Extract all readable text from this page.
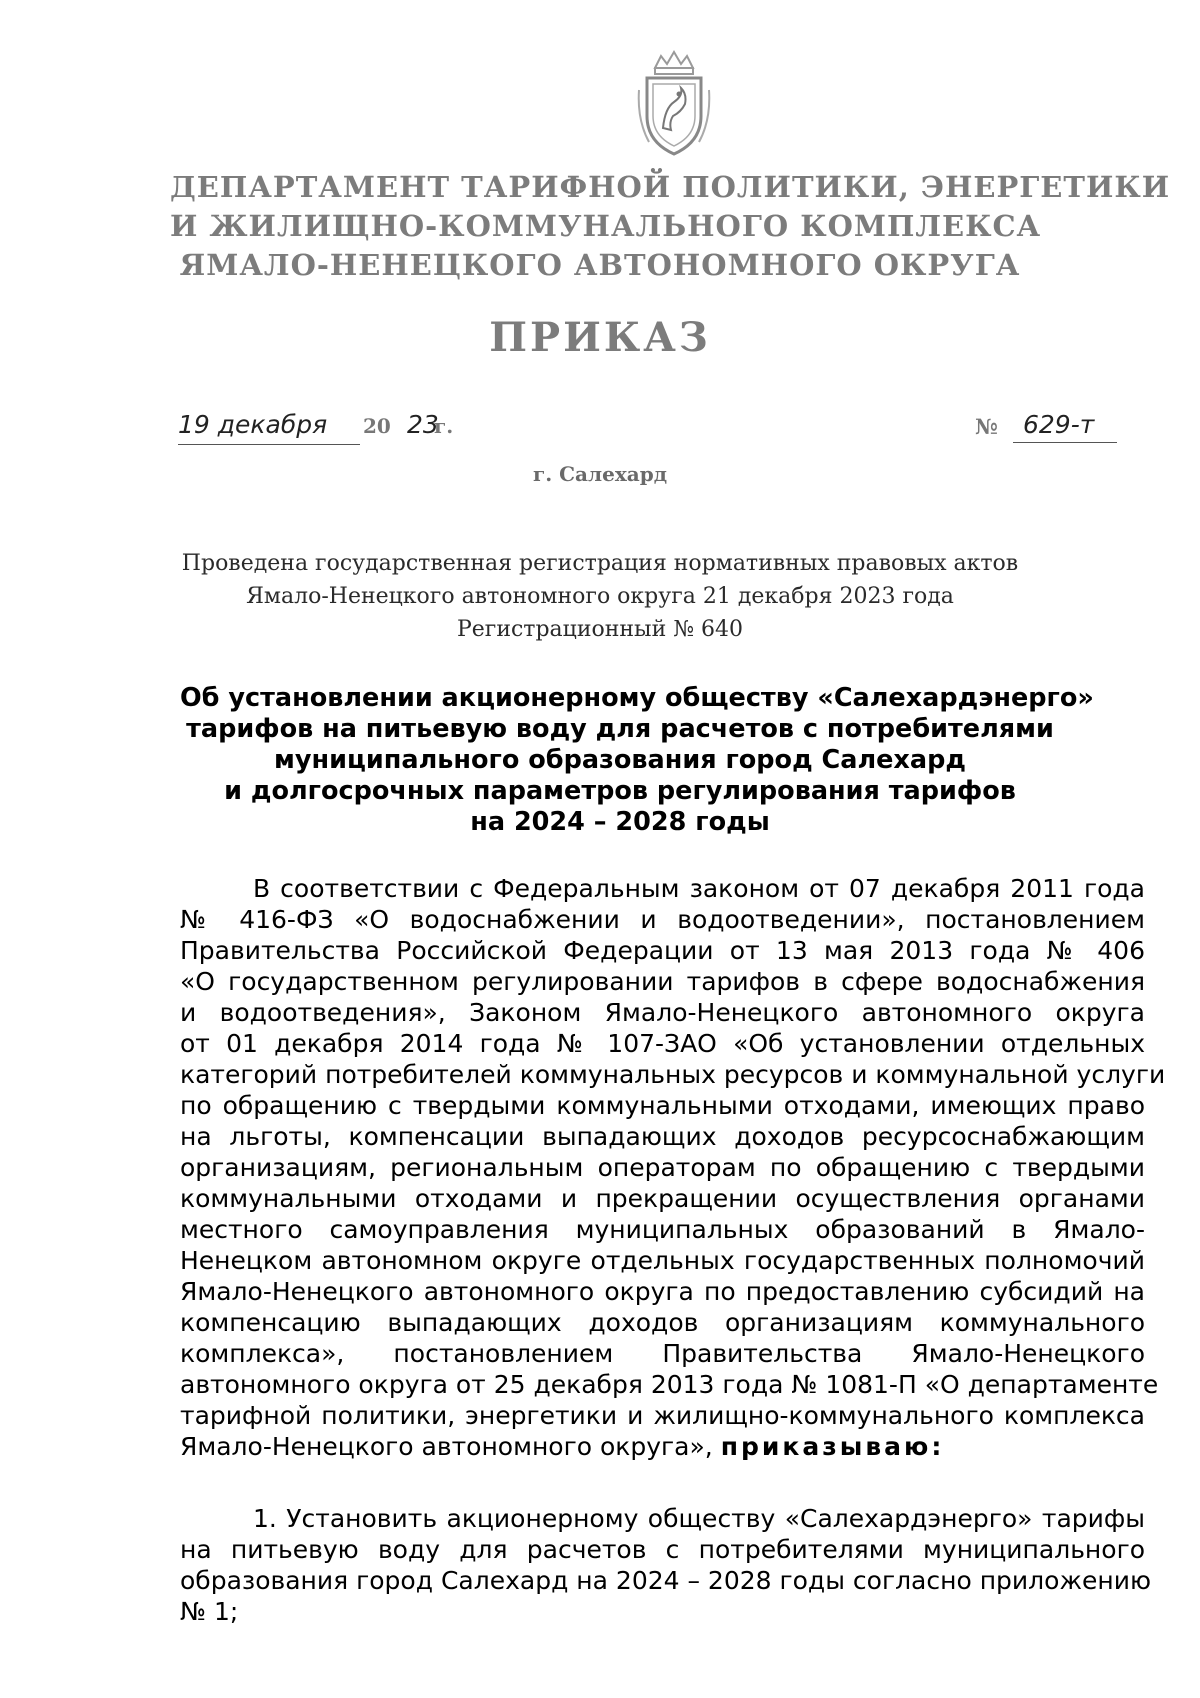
ДЕПАРТАМЕНТ ТАРИФНОЙ ПОЛИТИКИ, ЭНЕРГЕТИКИ
И ЖИЛИЩНО-КОММУНАЛЬНОГО КОМПЛЕКСА
ЯМАЛО-НЕНЕЦКОГО АВТОНОМНОГО ОКРУГА
ПРИКАЗ
19 декабря 20 23
г.	№ 629-т
г. Салехард
Проведена государственная регистрация нормативных правовых актов
Ямало-Ненецкого автономного округа 21 декабря 2023 года
Регистрационный № 640
Об установлении акционерному обществу «Салехардэнерго»
тарифов на питьевую воду для расчетов с потребителями
муниципального образования город Салехард
и долгосрочных параметров регулирования тарифов
на 2024 – 2028 годы
В соответствии с Федеральным законом от 07 декабря 2011 года
№ 416-ФЗ «О водоснабжении и водоотведении», постановлением
Правительства Российской Федерации от 13 мая 2013 года № 406
«О государственном регулировании тарифов в сфере водоснабжения
и водоотведения», Законом Ямало-Ненецкого автономного округа
от 01 декабря 2014 года № 107-ЗАО «Об установлении отдельных
категорий потребителей коммунальных ресурсов и коммунальной услуги
по обращению с твердыми коммунальными отходами, имеющих право
на льготы, компенсации выпадающих доходов ресурсоснабжающим
организациям, региональным операторам по обращению с твердыми
коммунальными отходами и прекращении осуществления органами
местного самоуправления муниципальных образований в Ямало-
Ненецком автономном округе отдельных государственных полномочий
Ямало-Ненецкого автономного округа по предоставлению субсидий на
компенсацию выпадающих доходов организациям коммунального
комплекса», постановлением Правительства Ямало-Ненецкого
автономного округа от 25 декабря 2013 года № 1081-П «О департаменте
тарифной политики, энергетики и жилищно-коммунального комплекса
Ямало-Ненецкого автономного округа», приказываю:
1. Установить акционерному обществу «Салехардэнерго» тарифы
на питьевую воду для расчетов с потребителями муниципального
образования город Салехард на 2024 – 2028 годы согласно приложению
№ 1;
